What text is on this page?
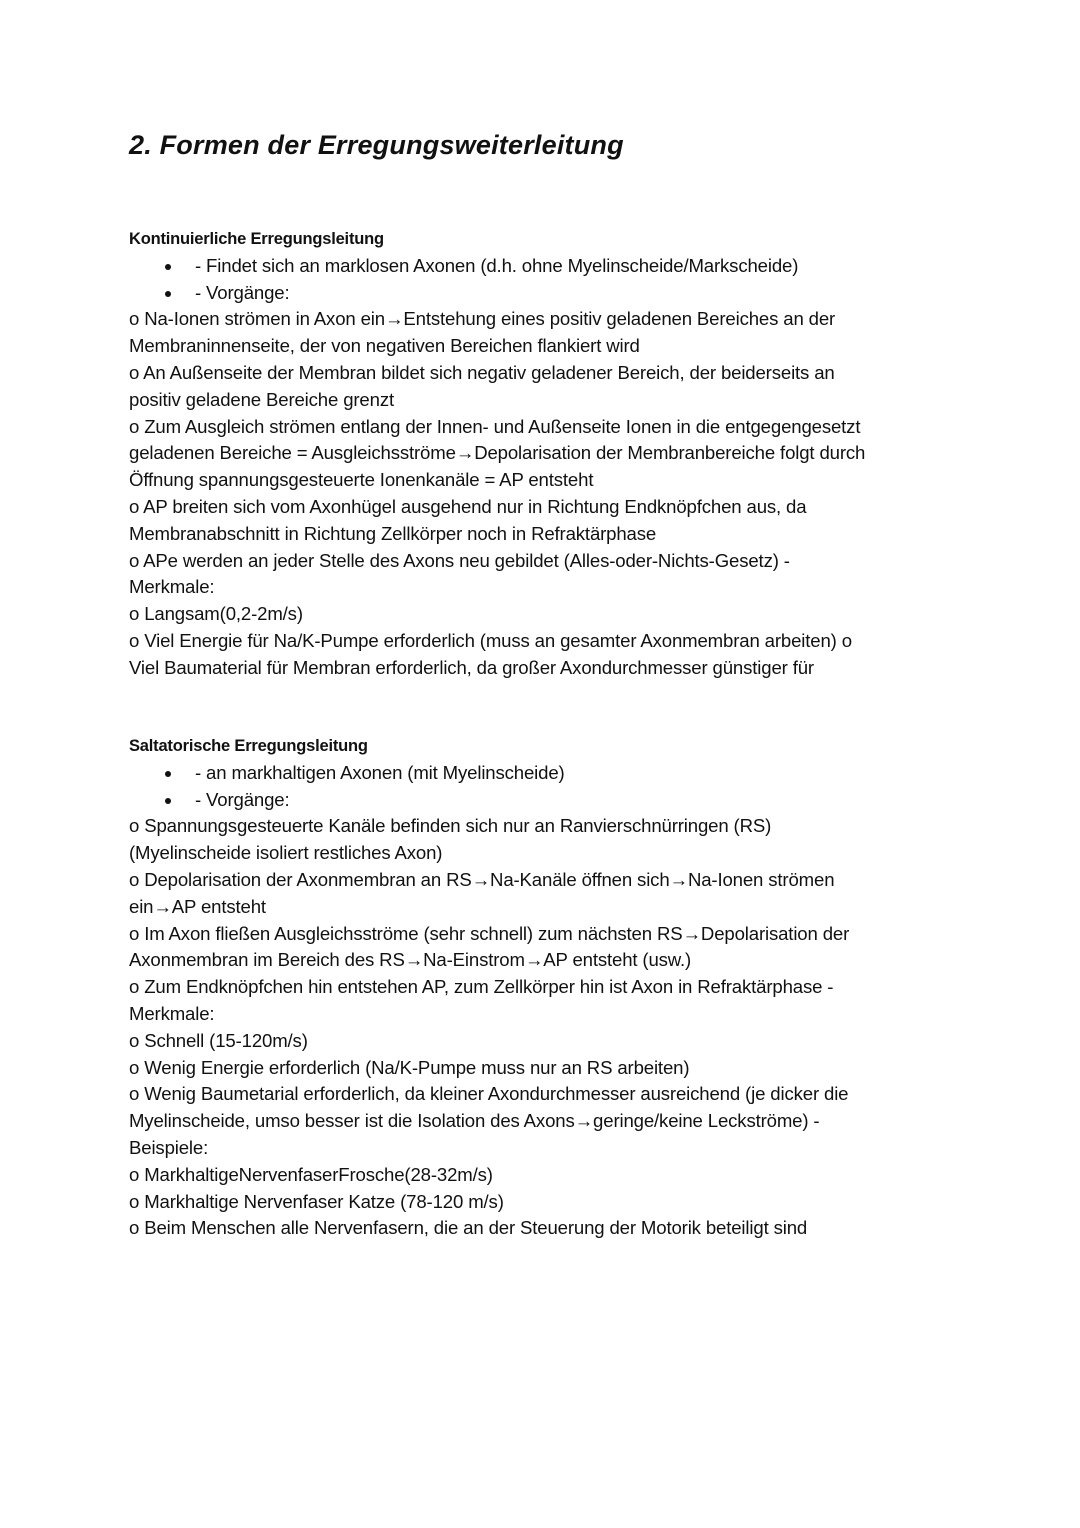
2. Formen der Erregungsweiterleitung
Kontinuierliche Erregungsleitung
- Findet sich an marklosen Axonen (d.h. ohne Myelinscheide/Markscheide)
- Vorgänge:
o Na-Ionen strömen in Axon ein→Entstehung eines positiv geladenen Bereiches an der
Membraninnenseite, der von negativen Bereichen flankiert wird
o An Außenseite der Membran bildet sich negativ geladener Bereich, der beiderseits an
positiv geladene Bereiche grenzt
o Zum Ausgleich strömen entlang der Innen- und Außenseite Ionen in die entgegengesetzt
geladenen Bereiche = Ausgleichsströme→Depolarisation der Membranbereiche folgt durch
Öffnung spannungsgesteuerte Ionenkanäle = AP entsteht
o AP breiten sich vom Axonhügel ausgehend nur in Richtung Endknöpfchen aus, da
Membranabschnitt in Richtung Zellkörper noch in Refraktärphase
o APe werden an jeder Stelle des Axons neu gebildet (Alles-oder-Nichts-Gesetz) -
Merkmale:
o Langsam(0,2-2m/s)
o Viel Energie für Na/K-Pumpe erforderlich (muss an gesamter Axonmembran arbeiten) o
Viel Baumaterial für Membran erforderlich, da großer Axondurchmesser günstiger für
Saltatorische Erregungsleitung
- an markhaltigen Axonen (mit Myelinscheide)
- Vorgänge:
o Spannungsgesteuerte Kanäle befinden sich nur an Ranvierschnürringen (RS)
(Myelinscheide isoliert restliches Axon)
o Depolarisation der Axonmembran an RS→Na-Kanäle öffnen sich→Na-Ionen strömen
ein→AP entsteht
o Im Axon fließen Ausgleichsströme (sehr schnell) zum nächsten RS→Depolarisation der
Axonmembran im Bereich des RS→Na-Einstrom→AP entsteht (usw.)
o Zum Endknöpfchen hin entstehen AP, zum Zellkörper hin ist Axon in Refraktärphase -
Merkmale:
o Schnell (15-120m/s)
o Wenig Energie erforderlich (Na/K-Pumpe muss nur an RS arbeiten)
o Wenig Baumetarial erforderlich, da kleiner Axondurchmesser ausreichend (je dicker die
Myelinscheide, umso besser ist die Isolation des Axons→geringe/keine Leckströme) -
Beispiele:
o MarkhaltigeNervenfaserFrosche(28-32m/s)
o Markhaltige Nervenfaser Katze (78-120 m/s)
o Beim Menschen alle Nervenfasern, die an der Steuerung der Motorik beteiligt sind
